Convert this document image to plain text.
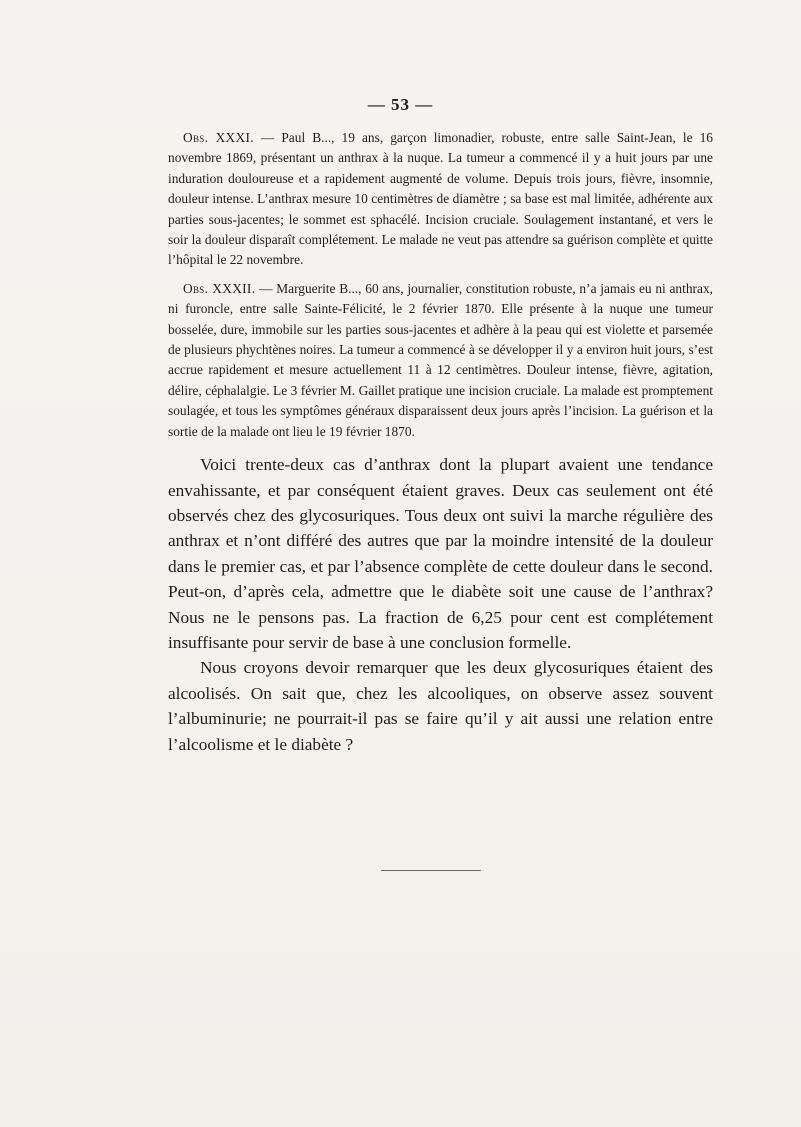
— 53 —

Obs. XXXI. — Paul B..., 19 ans, garçon limonadier, robuste, entre salle Saint-Jean, le 16 novembre 1869, présentant un anthrax à la nuque. La tumeur a commencé il y a huit jours par une induration douloureuse et a rapidement augmenté de volume. Depuis trois jours, fièvre, insomnie, douleur intense. L’anthrax mesure 10 centimètres de diamètre ; sa base est mal limitée, adhérente aux parties sous-jacentes; le sommet est sphacélé. Incision cruciale. Soulagement instantané, et vers le soir la douleur disparaît complétement. Le malade ne veut pas attendre sa guérison complète et quitte l’hôpital le 22 novembre.

Obs. XXXII. — Marguerite B..., 60 ans, journalier, constitution robuste, n’a jamais eu ni anthrax, ni furoncle, entre salle Sainte-Félicité, le 2 février 1870. Elle présente à la nuque une tumeur bosselée, dure, immobile sur les parties sous-jacentes et adhère à la peau qui est violette et parsemée de plusieurs phychtènes noires. La tumeur a commencé à se développer il y a environ huit jours, s’est accrue rapidement et mesure actuellement 11 à 12 centimètres. Douleur intense, fièvre, agitation, délire, céphalalgie. Le 3 février M. Gaillet pratique une incision cruciale. La malade est promptement soulagée, et tous les symptômes généraux disparaissent deux jours après l’incision. La guérison et la sortie de la malade ont lieu le 19 février 1870.

Voici trente-deux cas d’anthrax dont la plupart avaient une tendance envahissante, et par conséquent étaient graves. Deux cas seulement ont été observés chez des glycosuriques. Tous deux ont suivi la marche régulière des anthrax et n’ont différé des autres que par la moindre intensité de la douleur dans le premier cas, et par l’absence complète de cette douleur dans le second. Peut-on, d’après cela, admettre que le diabète soit une cause de l’anthrax? Nous ne le pensons pas. La fraction de 6,25 pour cent est complétement insuffisante pour servir de base à une conclusion formelle.

Nous croyons devoir remarquer que les deux glycosuriques étaient des alcoolisés. On sait que, chez les alcooliques, on observe assez souvent l’albuminurie; ne pourrait-il pas se faire qu’il y ait aussi une relation entre l’alcoolisme et le diabète ?
